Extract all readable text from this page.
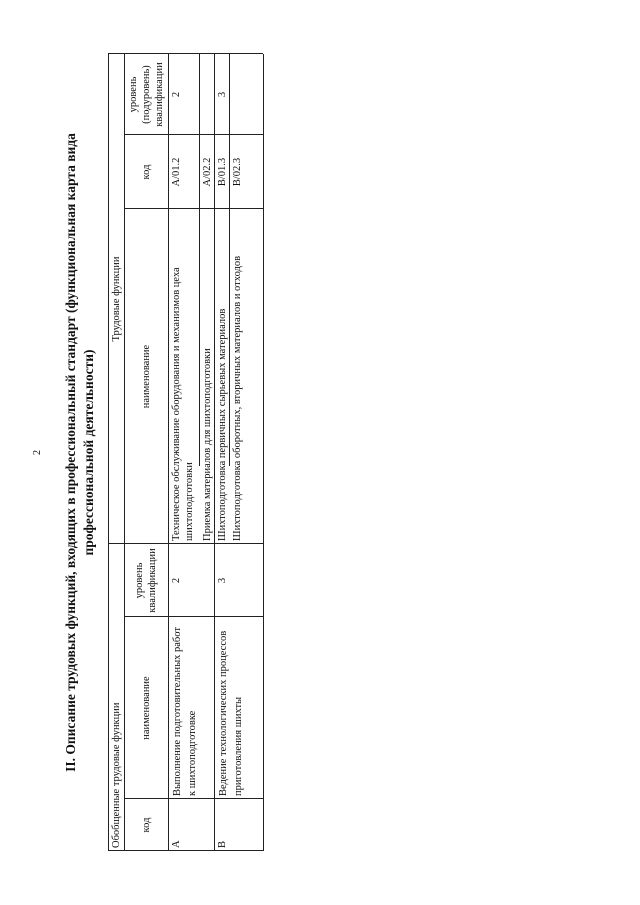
2 II. Описание трудовых функций, входящих в профессиональный стандарт (функциональная карта вида профессиональной деятельности)
Обобщенные трудовые функции
Трудовые функции
код
наименование
уровень квалификации
наименование
код
уровень (подуровень) квалификации
А
Выполнение подготовительных работ к шихтоподготовке
2
Техническое обслуживание оборудования и механизмов цеха шихтоподготовки
А/01.2
2
Приемка материалов для шихтоподготовки
А/02.2
В
Ведение технологических процессов приготовления шихты
3
Шихтоподготовка первичных сырьевых материалов
В/01.3
3
Шихтоподготовка оборотных, вторичных материалов и отходов
В/02.3
